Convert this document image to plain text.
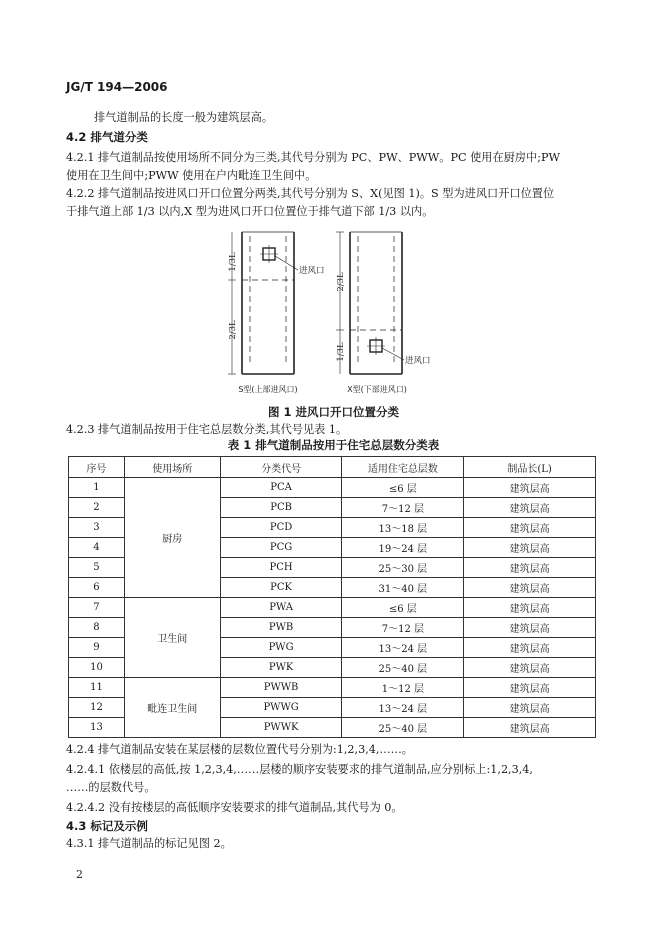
JG/T 194—2006
排气道制品的长度一般为建筑层高。
4.2 排气道分类
4.2.1 排气道制品按使用场所不同分为三类,其代号分别为 PC、PW、PWW。PC 使用在厨房中;PW
使用在卫生间中;PWW 使用在户内毗连卫生间中。
4.2.2 排气道制品按进风口开口位置分两类,其代号分别为 S、X(见图 1)。S 型为进风口开口位置位
于排气道上部 1/3 以内,X 型为进风口开口位置位于排气道下部 1/3 以内。
1/3L
2/3L
进风口
S型(上部进风口)
2/3L
1/3L	进风口
X型(下部进风口)
图 1 进风口开口位置分类
4.2.3 排气道制品按用于住宅总层数分类,其代号见表 1。
表 1 排气道制品按用于住宅总层数分类表
序号	使用场所	分类代号	适用住宅总层数	制品长(L)
1	厨房	PCA	≤6 层	建筑层高
2		PCB	7～12 层	建筑层高
3		PCD	13～18 层	建筑层高
4		PCG	19～24 层	建筑层高
5		PCH	25～30 层	建筑层高
6		PCK	31～40 层	建筑层高
7	卫生间	PWA	≤6 层	建筑层高
8		PWB	7～12 层	建筑层高
9		PWG	13～24 层	建筑层高
10		PWK	25～40 层	建筑层高
11	毗连卫生间	PWWB	1～12 层	建筑层高
12		PWWG	13～24 层	建筑层高
13		PWWK	25～40 层	建筑层高
4.2.4 排气道制品安装在某层楼的层数位置代号分别为:1,2,3,4,……。
4.2.4.1 依楼层的高低,按 1,2,3,4,……层楼的顺序安装要求的排气道制品,应分别标上:1,2,3,4,
……的层数代号。
4.2.4.2 没有按楼层的高低顺序安装要求的排气道制品,其代号为 0。
4.3 标记及示例
4.3.1 排气道制品的标记见图 2。
2
